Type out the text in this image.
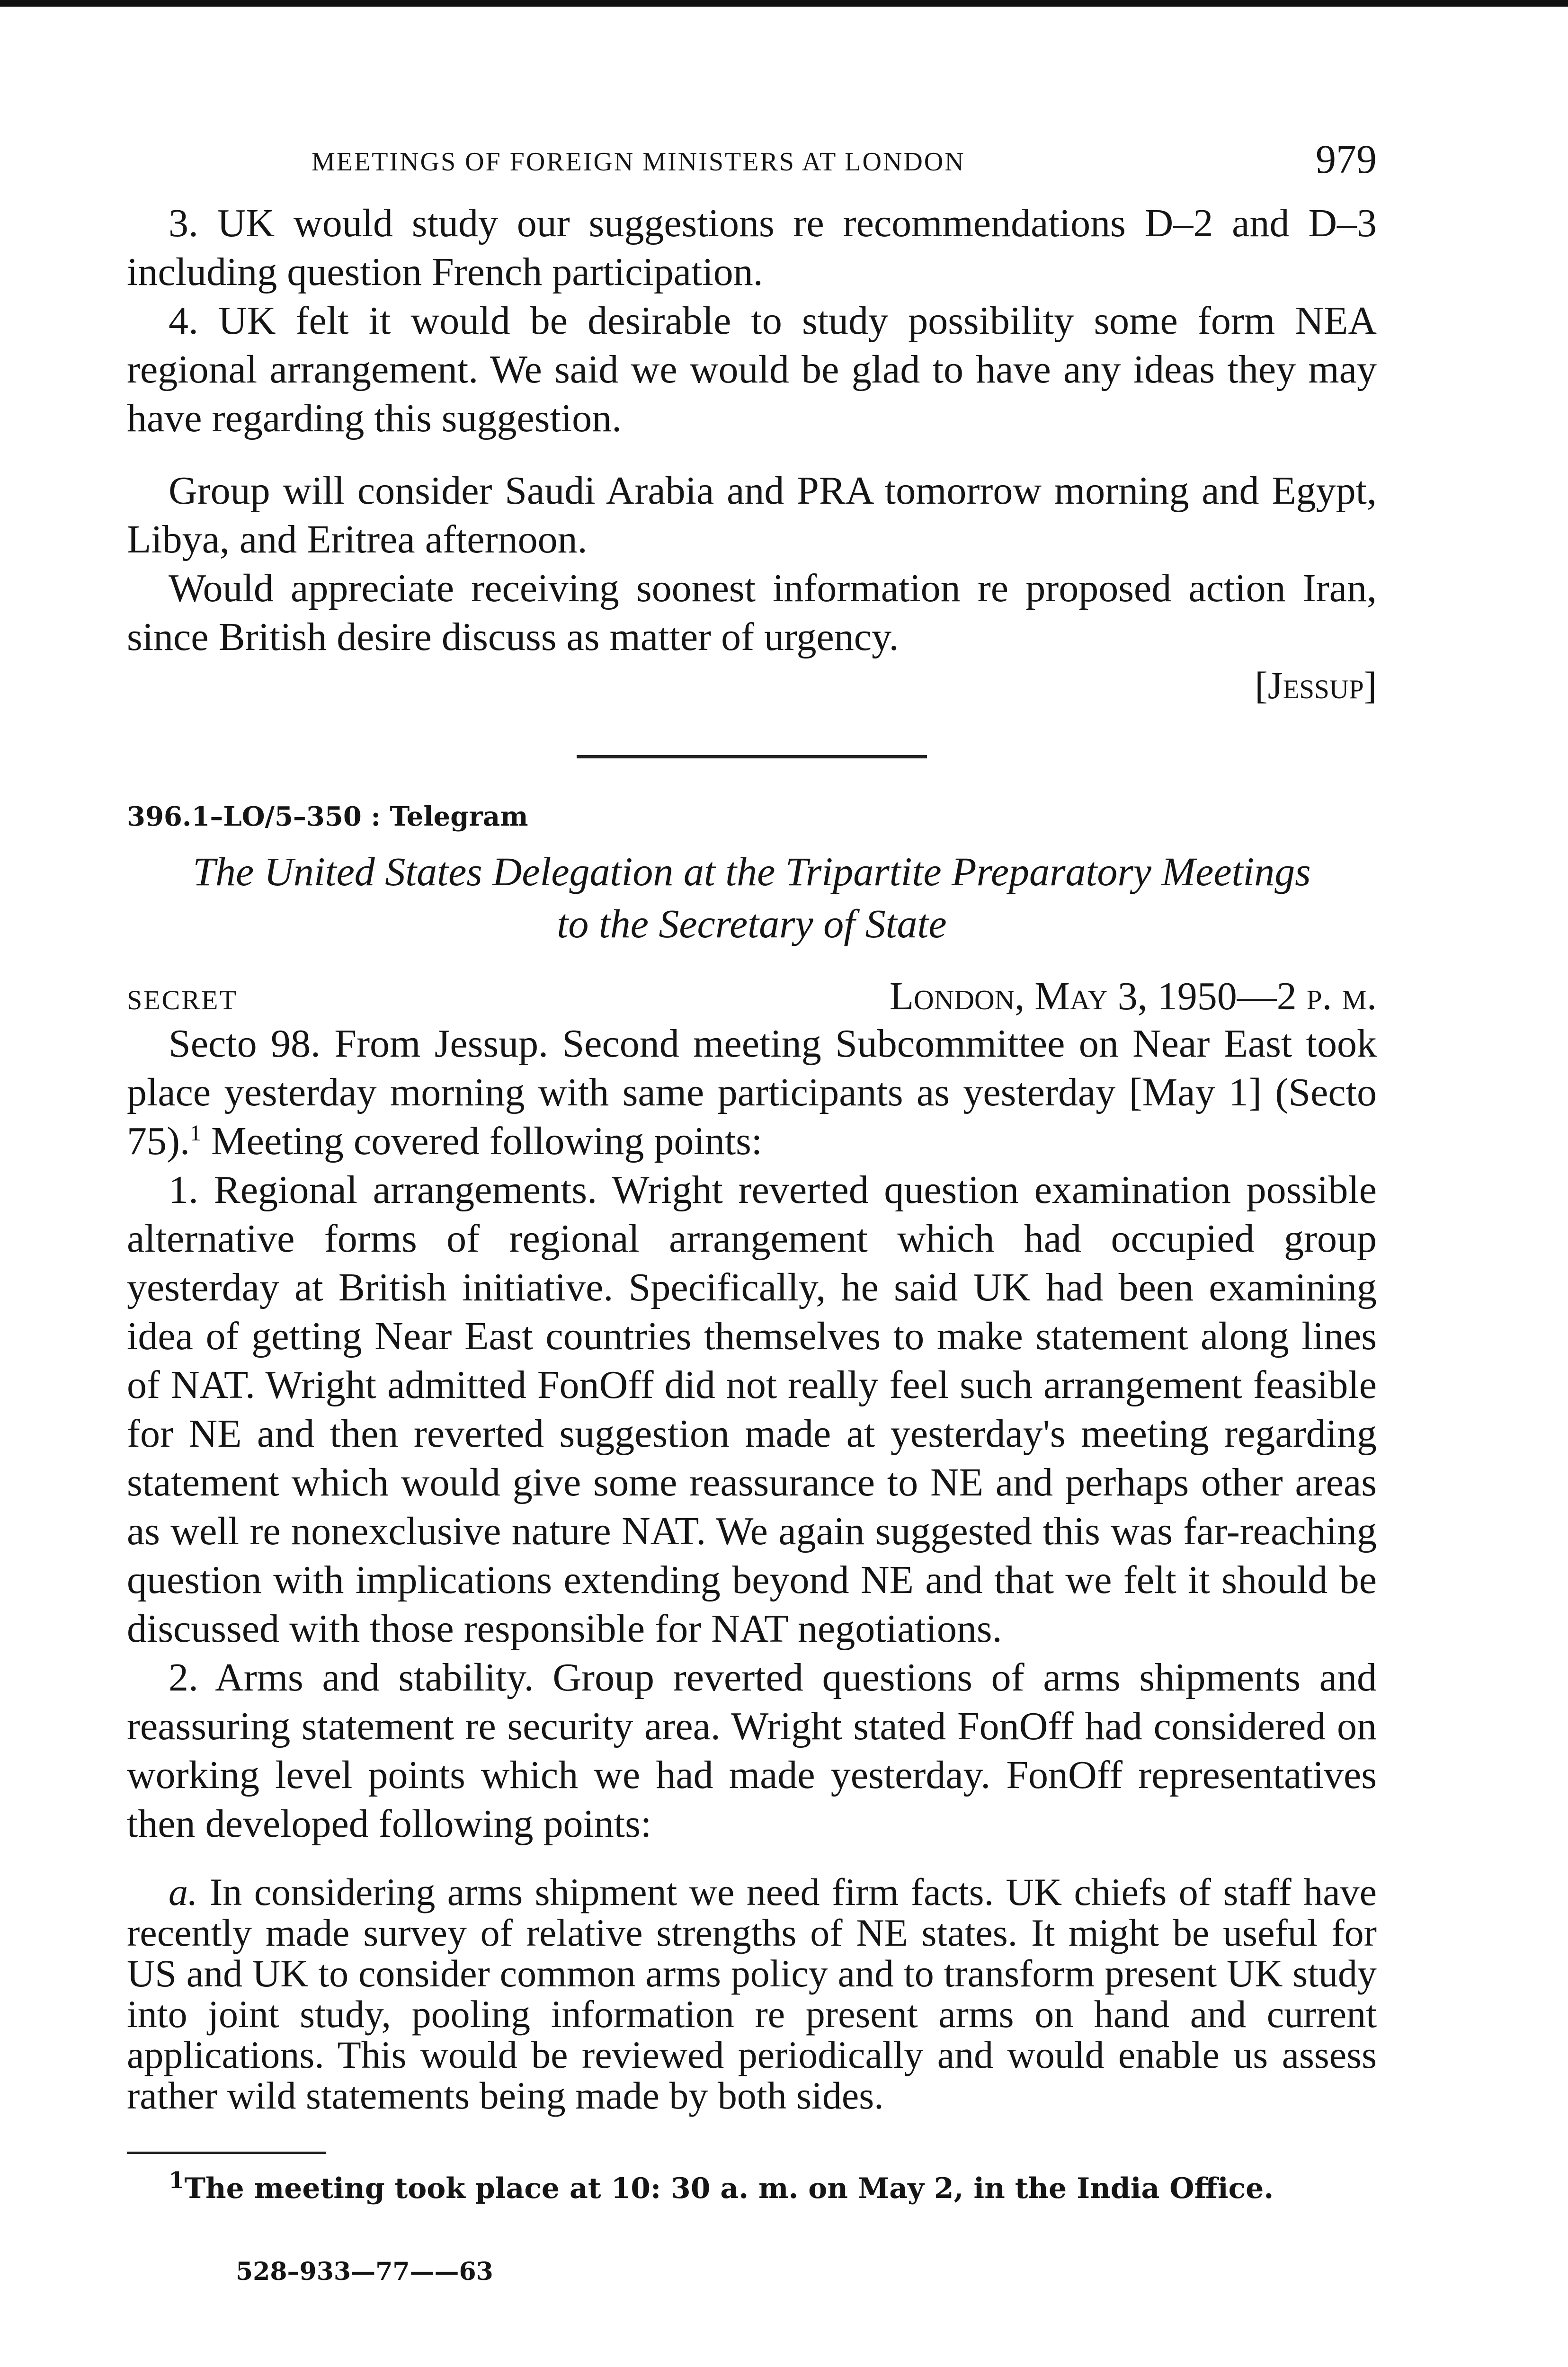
MEETINGS OF FOREIGN MINISTERS AT LONDON	979

3. UK would study our suggestions re recommendations D–2 and D–3 including question French participation.

4. UK felt it would be desirable to study possibility some form NEA regional arrangement. We said we would be glad to have any ideas they may have regarding this suggestion.

Group will consider Saudi Arabia and PRA tomorrow morning and Egypt, Libya, and Eritrea afternoon.

Would appreciate receiving soonest information re proposed action Iran, since British desire discuss as matter of urgency.

[Jessup]
396.1–LO/5–350 : Telegram
The United States Delegation at the Tripartite Preparatory Meetings
to the Secretary of State
SECRET	London, May 3, 1950—2 p. m.

Secto 98. From Jessup. Second meeting Subcommittee on Near East took place yesterday morning with same participants as yesterday [May 1] (Secto 75).$^1$ Meeting covered following points:

1. Regional arrangements. Wright reverted question examination possible alternative forms of regional arrangement which had occupied group yesterday at British initiative. Specifically, he said UK had been examining idea of getting Near East countries themselves to make statement along lines of NAT. Wright admitted FonOff did not really feel such arrangement feasible for NE and then reverted suggestion made at yesterday's meeting regarding statement which would give some reassurance to NE and perhaps other areas as well re nonexclusive nature NAT. We again suggested this was far-reaching question with implications extending beyond NE and that we felt it should be discussed with those responsible for NAT negotiations.

2. Arms and stability. Group reverted questions of arms shipments and reassuring statement re security area. Wright stated FonOff had considered on working level points which we had made yesterday. FonOff representatives then developed following points:

a. In considering arms shipment we need firm facts. UK chiefs of staff have recently made survey of relative strengths of NE states. It might be useful for US and UK to consider common arms policy and to transform present UK study into joint study, pooling information re present arms on hand and current applications. This would be reviewed periodically and would enable us assess rather wild statements being made by both sides.

$^1$The meeting took place at 10: 30 a. m. on May 2, in the India Office.
528–933—77——63
